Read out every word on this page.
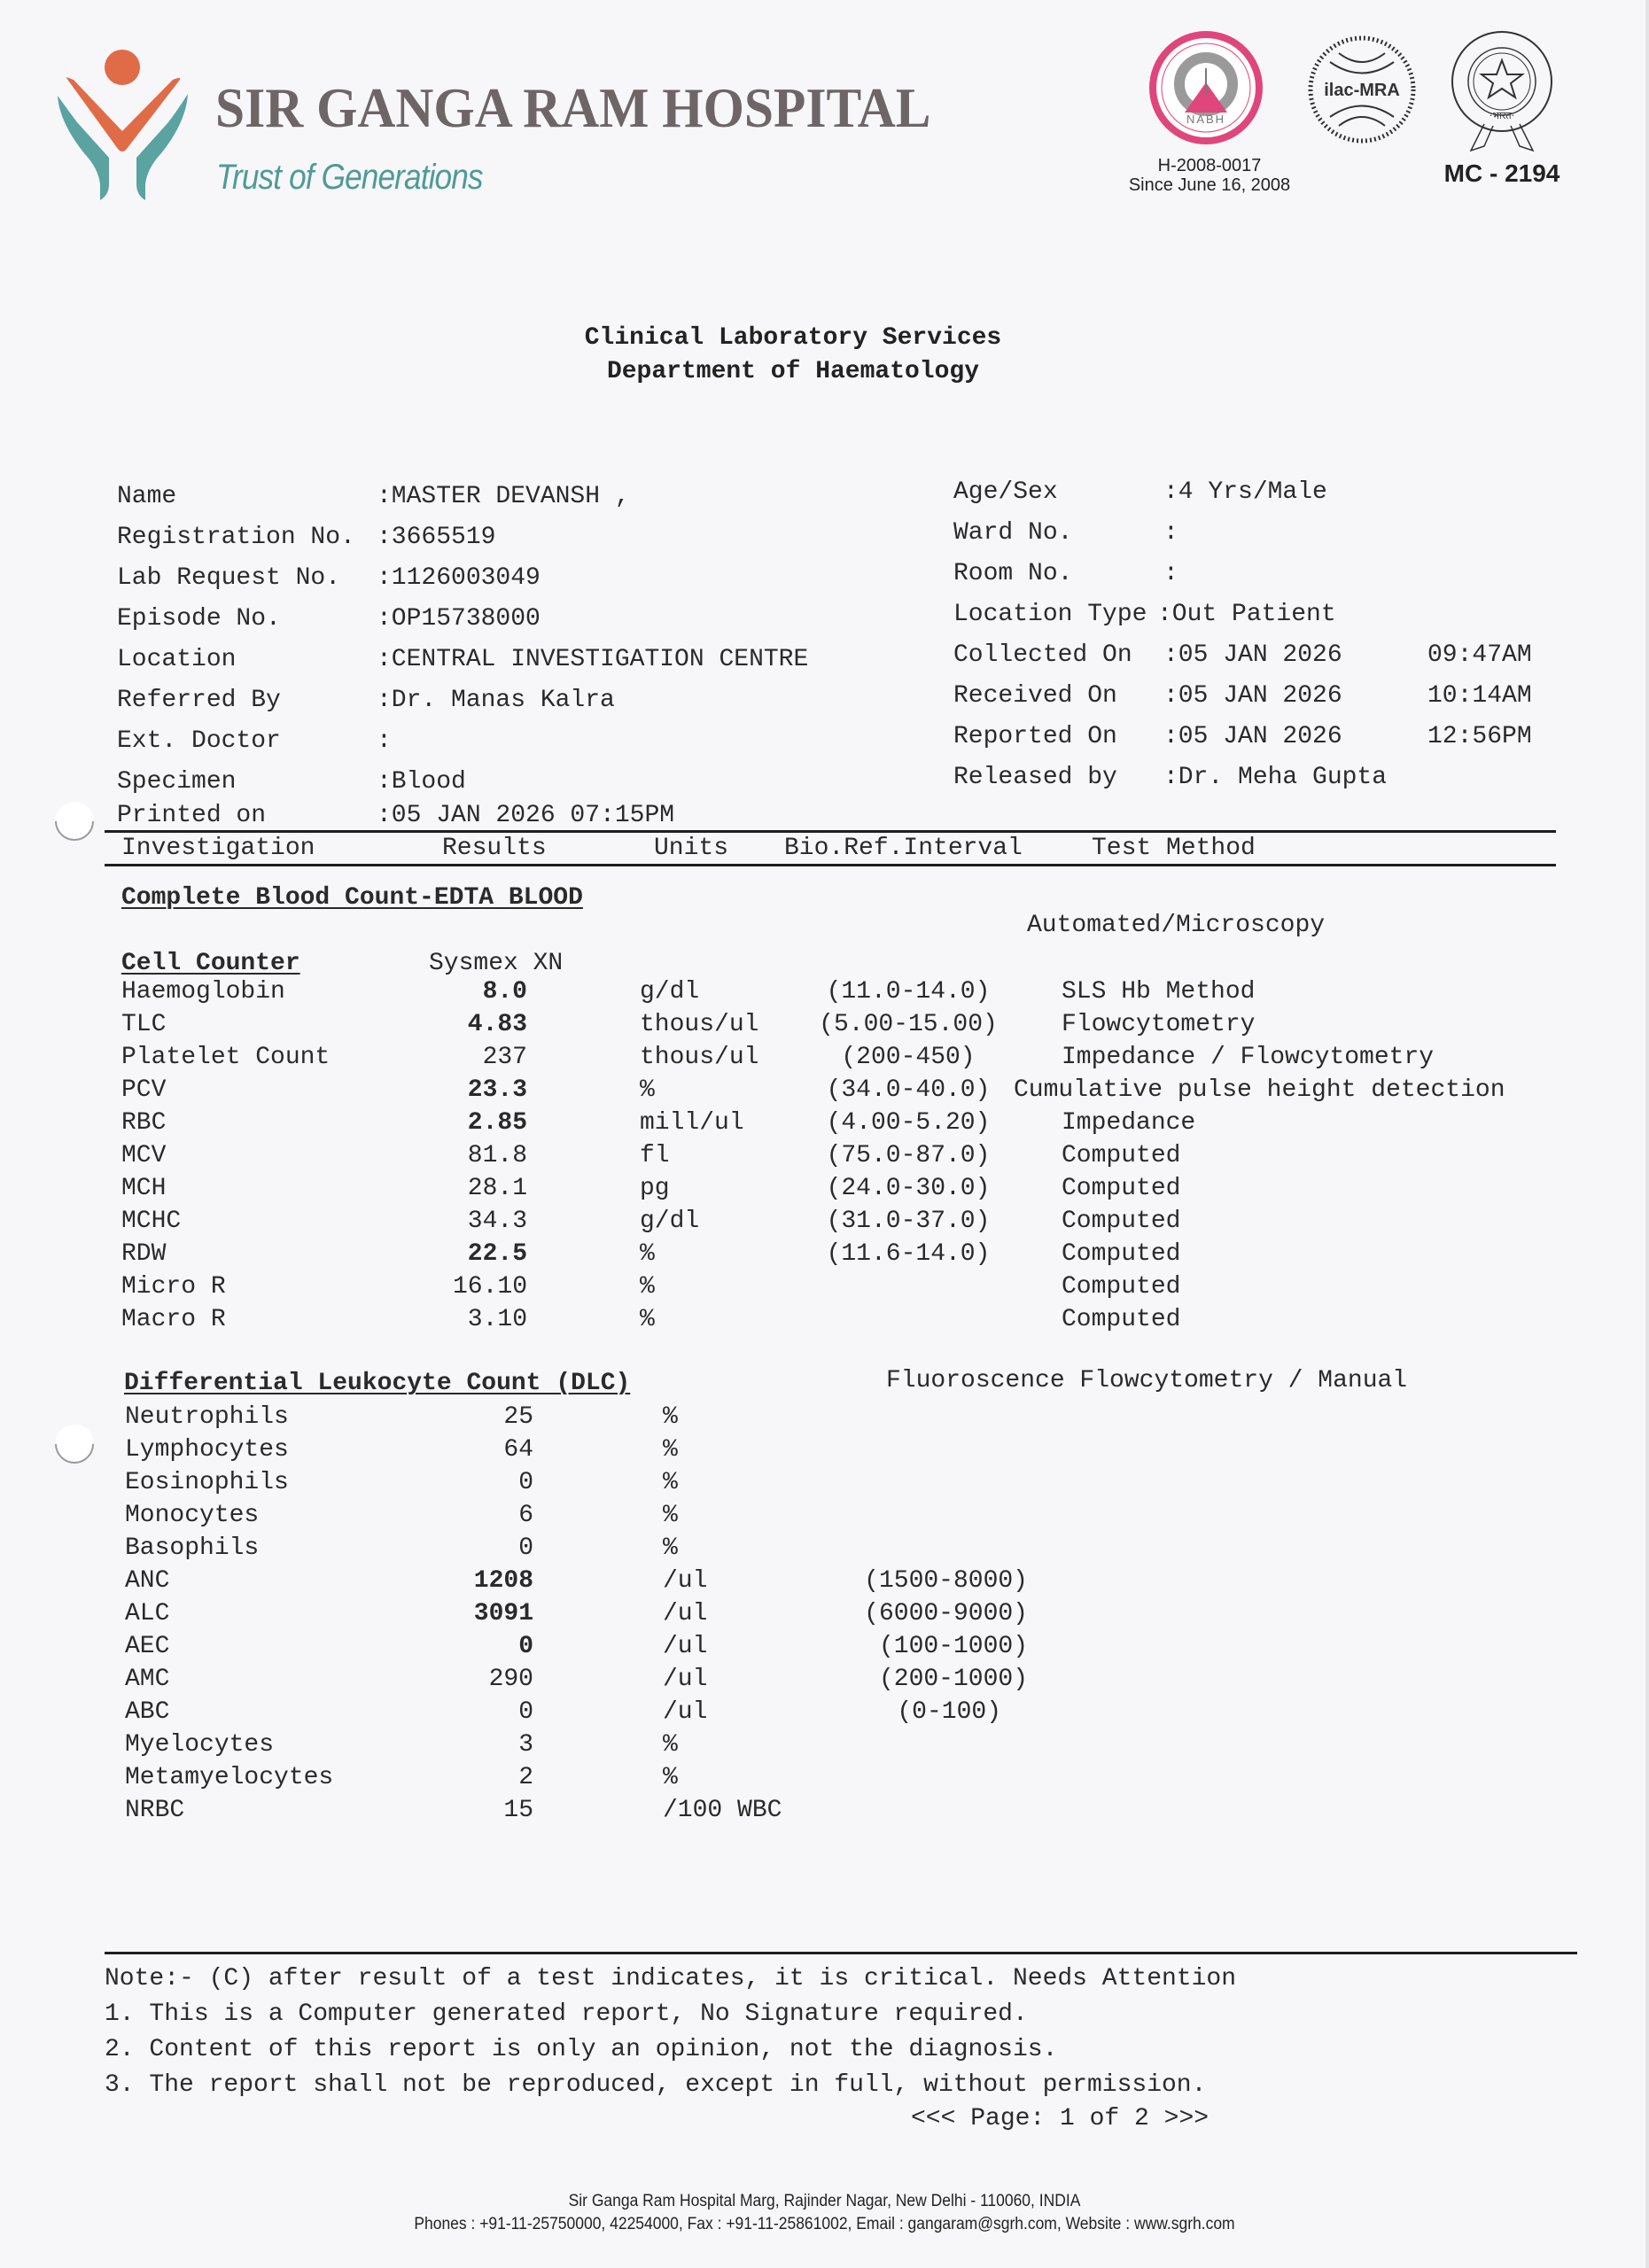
SIR GANGA RAM HOSPITAL
Trust of Generations
NABH
H-2008-0017
Since June 16, 2008
ilac-MRA
·भारत·
MC - 2194
Clinical Laboratory Services
Department of Haematology
Name	:MASTER DEVANSH ,
Registration No. :3665519
Lab Request No. :1126003049
Episode No.	:OP15738000
Location	:CENTRAL INVESTIGATION CENTRE
Referred By	:Dr. Manas Kalra
Ext. Doctor	:
Specimen	:Blood
Printed on	:05 JAN 2026 07:15PM
Age/Sex	:4 Yrs/Male
Ward No.	:
Room No.	:
Location Type :Out Patient
Collected On :05 JAN 2026	09:47AM
Received On :05 JAN 2026	10:14AM
Reported On :05 JAN 2026	12:56PM
Released by :Dr. Meha Gupta
Investigation	Results	Units Bio.Ref.Interval	Test Method
Complete Blood Count-EDTA BLOOD
Automated/Microscopy
Cell Counter	Sysmex XN
Haemoglobin	8.0	g/dl	(11.0-14.0)	SLS Hb Method
TLC	4.83	thous/ul	(5.00-15.00)	Flowcytometry
Platelet Count	237	thous/ul	(200-450)	Impedance / Flowcytometry
PCV	23.3	%	(34.0-40.0) Cumulative pulse height detection
RBC	2.85	mill/ul	(4.00-5.20)	Impedance
MCV	81.8	fl	(75.0-87.0)	Computed
MCH	28.1	pg	(24.0-30.0)	Computed
MCHC	34.3	g/dl	(31.0-37.0)	Computed
RDW	22.5	%	(11.6-14.0)	Computed
Micro R	16.10	%	Computed
Macro R	3.10	%	Computed
Differential Leukocyte Count (DLC)	Fluoroscence Flowcytometry / Manual
Neutrophils	25	%
Lymphocytes	64	%
Eosinophils	0	%
Monocytes	6	%
Basophils	0	%
ANC	1208	/ul	(1500-8000)
ALC	3091	/ul	(6000-9000)
AEC	0	/ul	(100-1000)
AMC	290	/ul	(200-1000)
ABC	0	/ul	(0-100)
Myelocytes	3	%
Metamyelocytes	2	%
NRBC	15	/100 WBC
Note:- (C) after result of a test indicates, it is critical. Needs Attention
1. This is a Computer generated report, No Signature required.
2. Content of this report is only an opinion, not the diagnosis.
3. The report shall not be reproduced, except in full, without permission.
<<< Page: 1 of 2 >>>
Sir Ganga Ram Hospital Marg, Rajinder Nagar, New Delhi - 110060, INDIA
Phones : +91-11-25750000, 42254000, Fax : +91-11-25861002, Email : gangaram@sgrh.com, Website : www.sgrh.com
